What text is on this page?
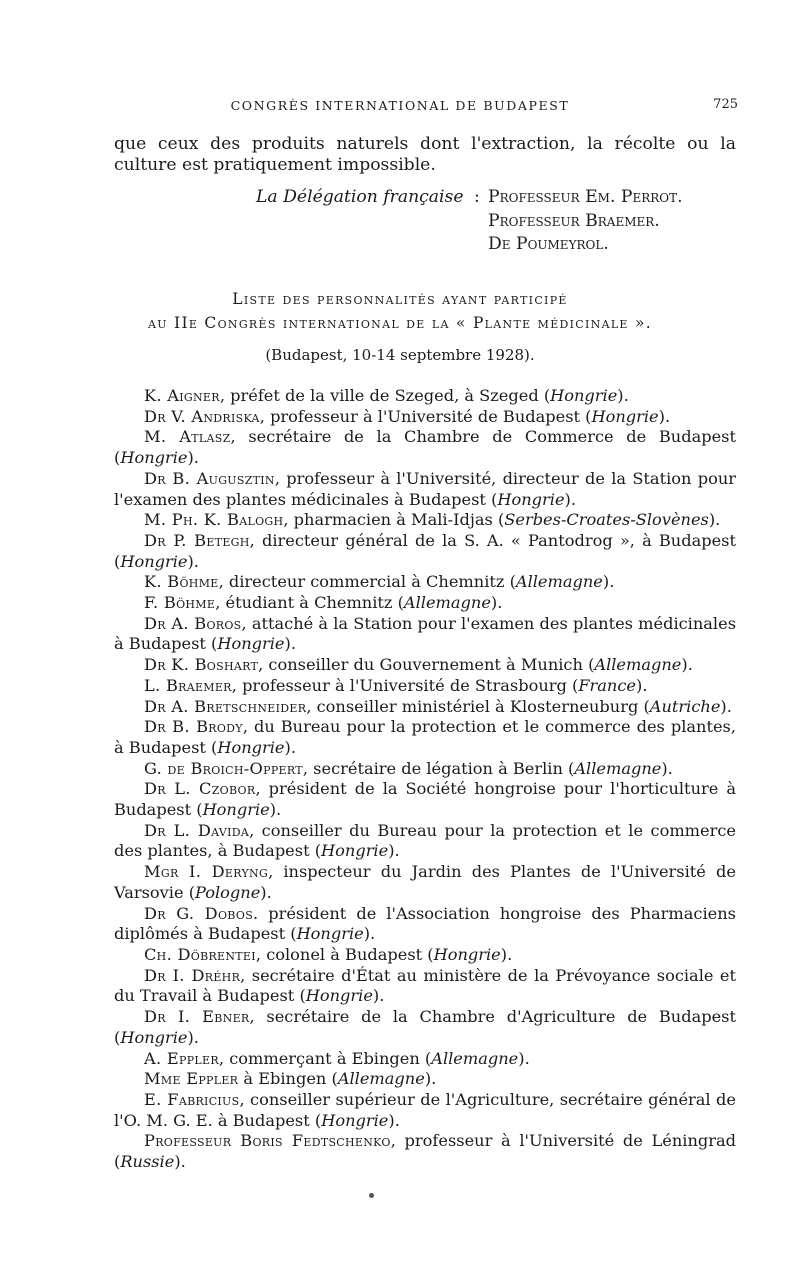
CONGRÈS INTERNATIONAL DE BUDAPEST	725

que ceux des produits naturels dont l'extraction, la récolte ou la culture est pratiquement impossible.

La Délégation française : Professeur Em. Perrot.
Professeur Braemer.
De Poumeyrol.
Liste des personnalités ayant participé
au IIe Congrès international de la « Plante médicinale ».
(Budapest, 10-14 septembre 1928).

K. Aigner, préfet de la ville de Szeged, à Szeged (Hongrie).

Dr V. Andriska, professeur à l'Université de Budapest (Hongrie).

M. Atlasz, secrétaire de la Chambre de Commerce de Budapest (Hongrie).

Dr B. Augusztin, professeur à l'Université, directeur de la Station pour l'examen des plantes médicinales à Budapest (Hongrie).

M. Ph. K. Balogh, pharmacien à Mali-Idjas (Serbes-Croates-Slovènes).

Dr P. Betegh, directeur général de la S. A. « Pantodrog », à Budapest (Hongrie).

K. Böhme, directeur commercial à Chemnitz (Allemagne).

F. Böhme, étudiant à Chemnitz (Allemagne).

Dr A. Boros, attaché à la Station pour l'examen des plantes médicinales à Budapest (Hongrie).

Dr K. Boshart, conseiller du Gouvernement à Munich (Allemagne).

L. Braemer, professeur à l'Université de Strasbourg (France).

Dr A. Bretschneider, conseiller ministériel à Klosterneuburg (Autriche).

Dr B. Brody, du Bureau pour la protection et le commerce des plantes, à Budapest (Hongrie).

G. de Broich-Oppert, secrétaire de légation à Berlin (Allemagne).

Dr L. Czobor, président de la Société hongroise pour l'horticulture à Budapest (Hongrie).

Dr L. Davida, conseiller du Bureau pour la protection et le commerce des plantes, à Budapest (Hongrie).

Mgr I. Deryng, inspecteur du Jardin des Plantes de l'Université de Varsovie (Pologne).

Dr G. Dobos. président de l'Association hongroise des Pharmaciens diplômés à Budapest (Hongrie).

Ch. Döbrentei, colonel à Budapest (Hongrie).

Dr I. Dréhr, secrétaire d'État au ministère de la Prévoyance sociale et du Travail à Budapest (Hongrie).

Dr I. Ebner, secrétaire de la Chambre d'Agriculture de Budapest (Hongrie).

A. Eppler, commerçant à Ebingen (Allemagne).

Mme Eppler à Ebingen (Allemagne).

E. Fabricius, conseiller supérieur de l'Agriculture, secrétaire général de l'O. M. G. E. à Budapest (Hongrie).

Professeur Boris Fedtschenko, professeur à l'Université de Léningrad (Russie).
